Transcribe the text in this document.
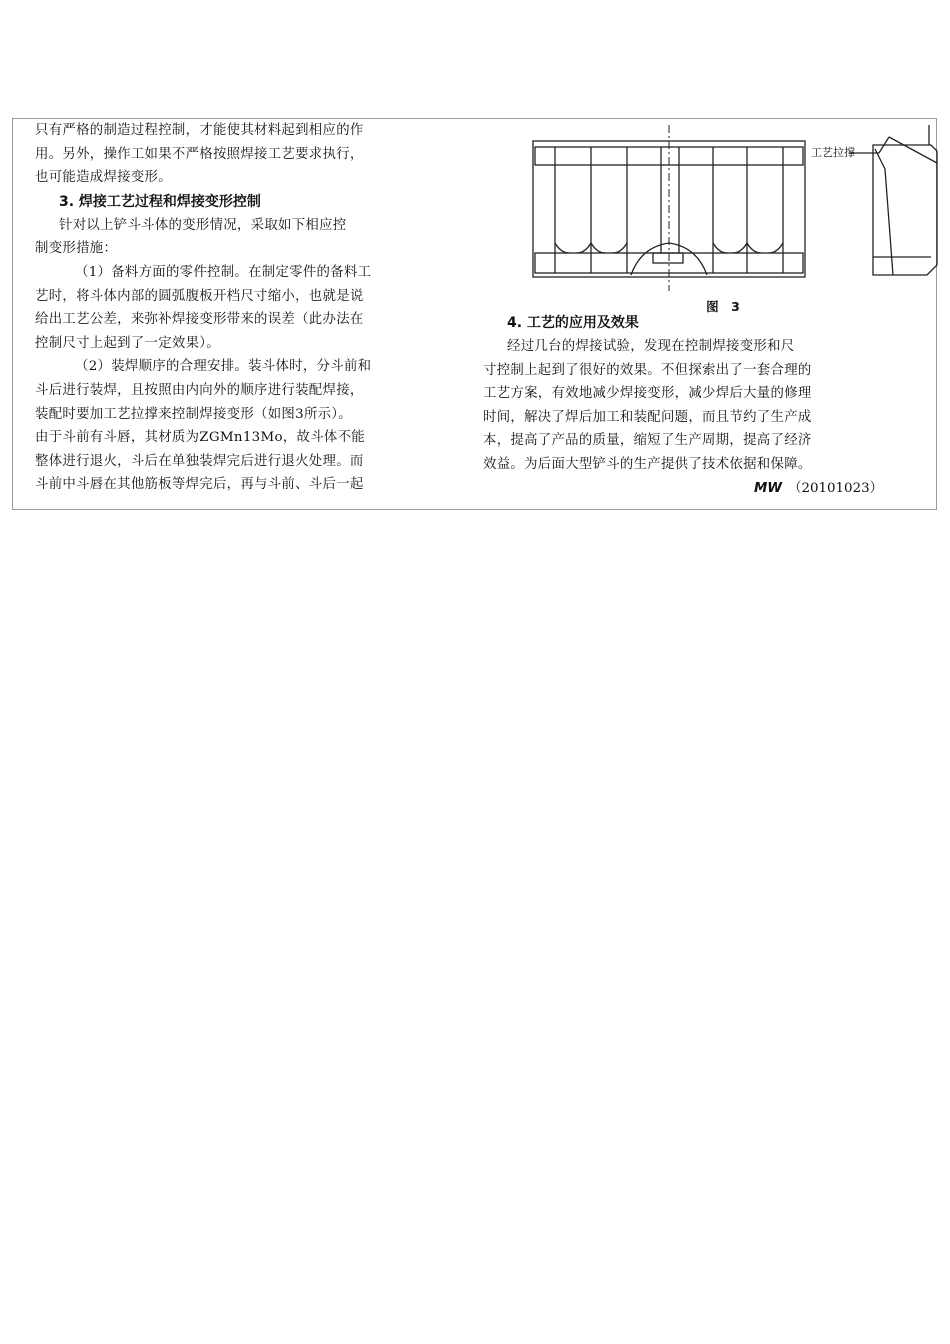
只有严格的制造过程控制，才能使其材料起到相应的作
用。另外，操作工如果不严格按照焊接工艺要求执行，
也可能造成焊接变形。
3. 焊接工艺过程和焊接变形控制
针对以上铲斗斗体的变形情况，采取如下相应控
制变形措施：
（1）备料方面的零件控制。在制定零件的备料工
艺时，将斗体内部的圆弧腹板开档尺寸缩小，也就是说
给出工艺公差，来弥补焊接变形带来的误差（此办法在
控制尺寸上起到了一定效果）。
（2）装焊顺序的合理安排。装斗体时，分斗前和
斗后进行装焊，且按照由内向外的顺序进行装配焊接，
装配时要加工艺拉撑来控制焊接变形（如图3所示）。
由于斗前有斗唇，其材质为ZGMn13Mo，故斗体不能
整体进行退火，斗后在单独装焊完后进行退火处理。而
斗前中斗唇在其他筋板等焊完后，再与斗前、斗后一起
工艺拉撑
图　3
4. 工艺的应用及效果
经过几台的焊接试验，发现在控制焊接变形和尺
寸控制上起到了很好的效果。不但探索出了一套合理的
工艺方案，有效地减少焊接变形，减少焊后大量的修理
时间，解决了焊后加工和装配问题，而且节约了生产成
本，提高了产品的质量，缩短了生产周期，提高了经济
效益。为后面大型铲斗的生产提供了技术依据和保障。
MW （20101023）
